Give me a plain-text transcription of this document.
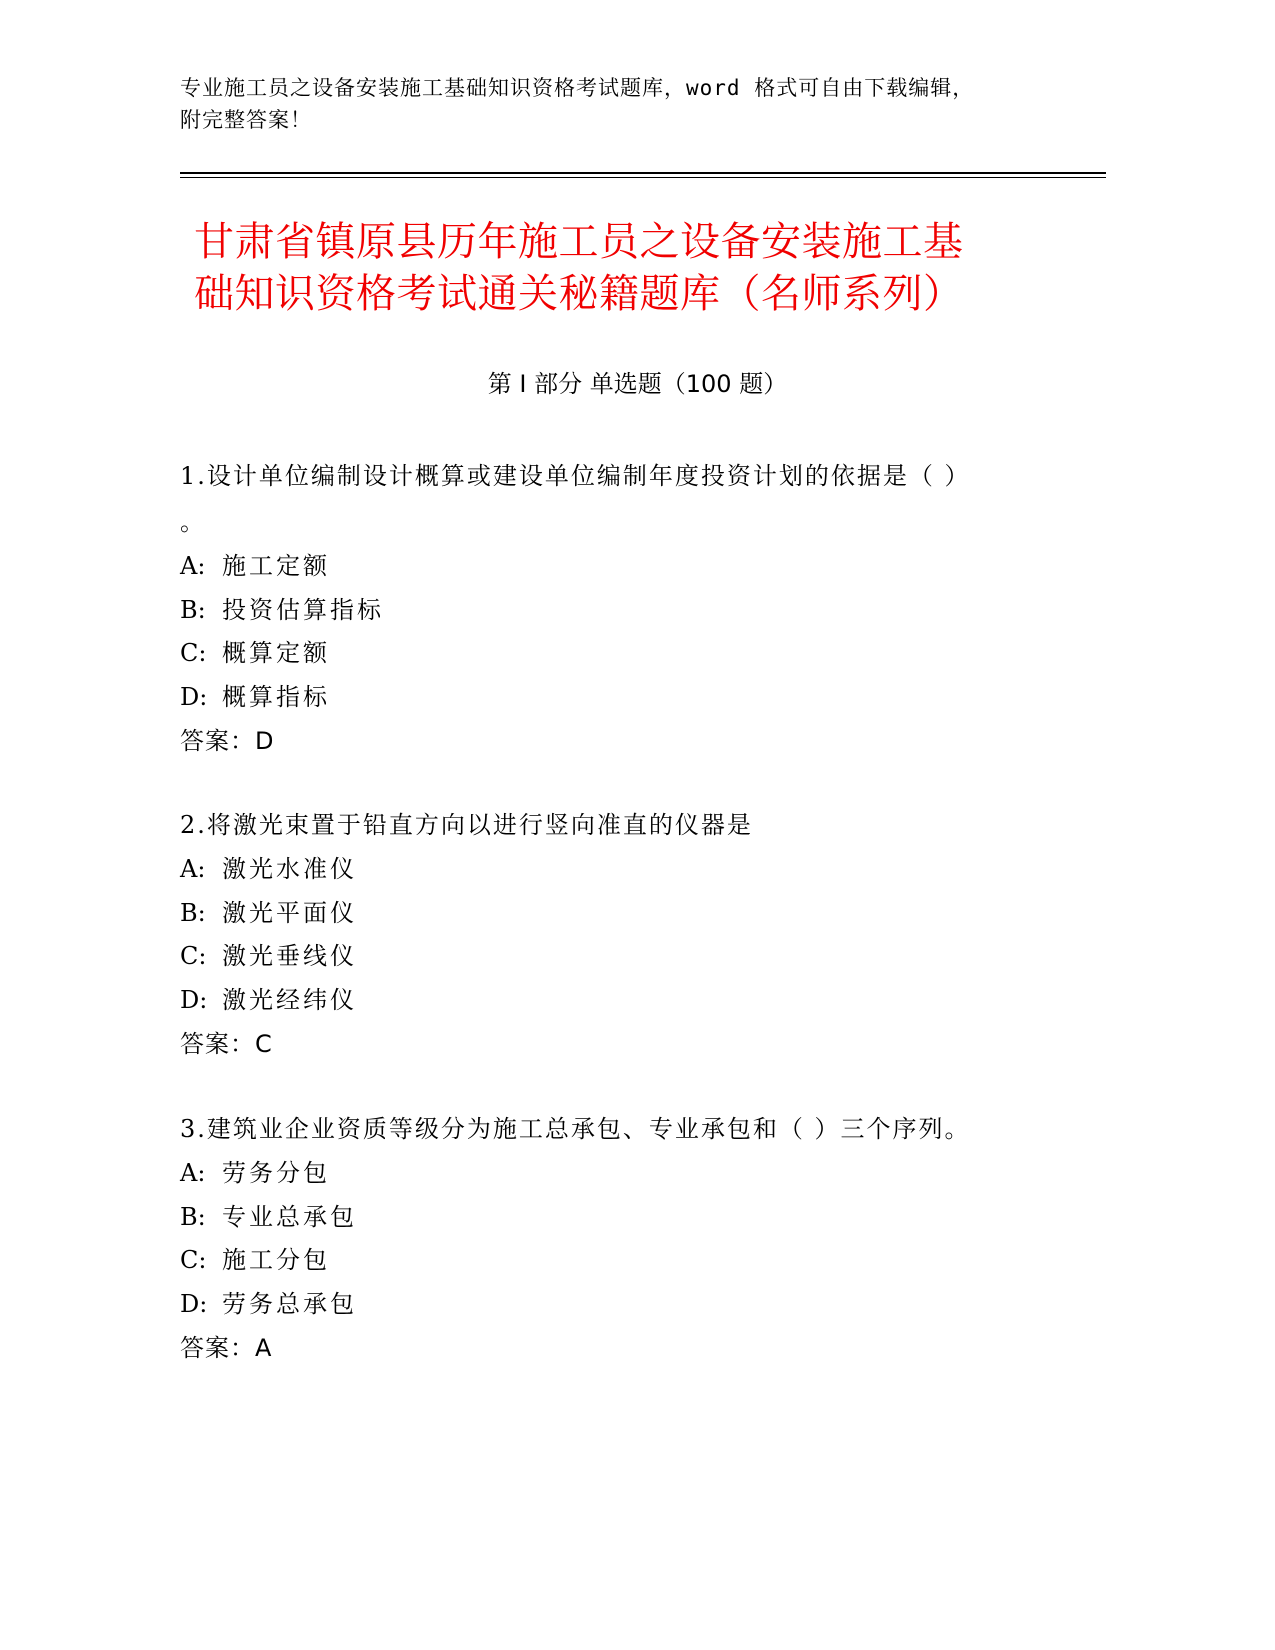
专业施工员之设备安装施工基础知识资格考试题库，word 格式可自由下载编辑，
附完整答案！
甘肃省镇原县历年施工员之设备安装施工基
础知识资格考试通关秘籍题库（名师系列）
第 I 部分 单选题（100 题）
1.设计单位编制设计概算或建设单位编制年度投资计划的依据是（ ）
。
A: 施工定额
B: 投资估算指标
C: 概算定额
D: 概算指标
答案：D
2.将激光束置于铅直方向以进行竖向准直的仪器是
A: 激光水准仪
B: 激光平面仪
C: 激光垂线仪
D: 激光经纬仪
答案：C
3.建筑业企业资质等级分为施工总承包、专业承包和（ ）三个序列。
A: 劳务分包
B: 专业总承包
C: 施工分包
D: 劳务总承包
答案：A
